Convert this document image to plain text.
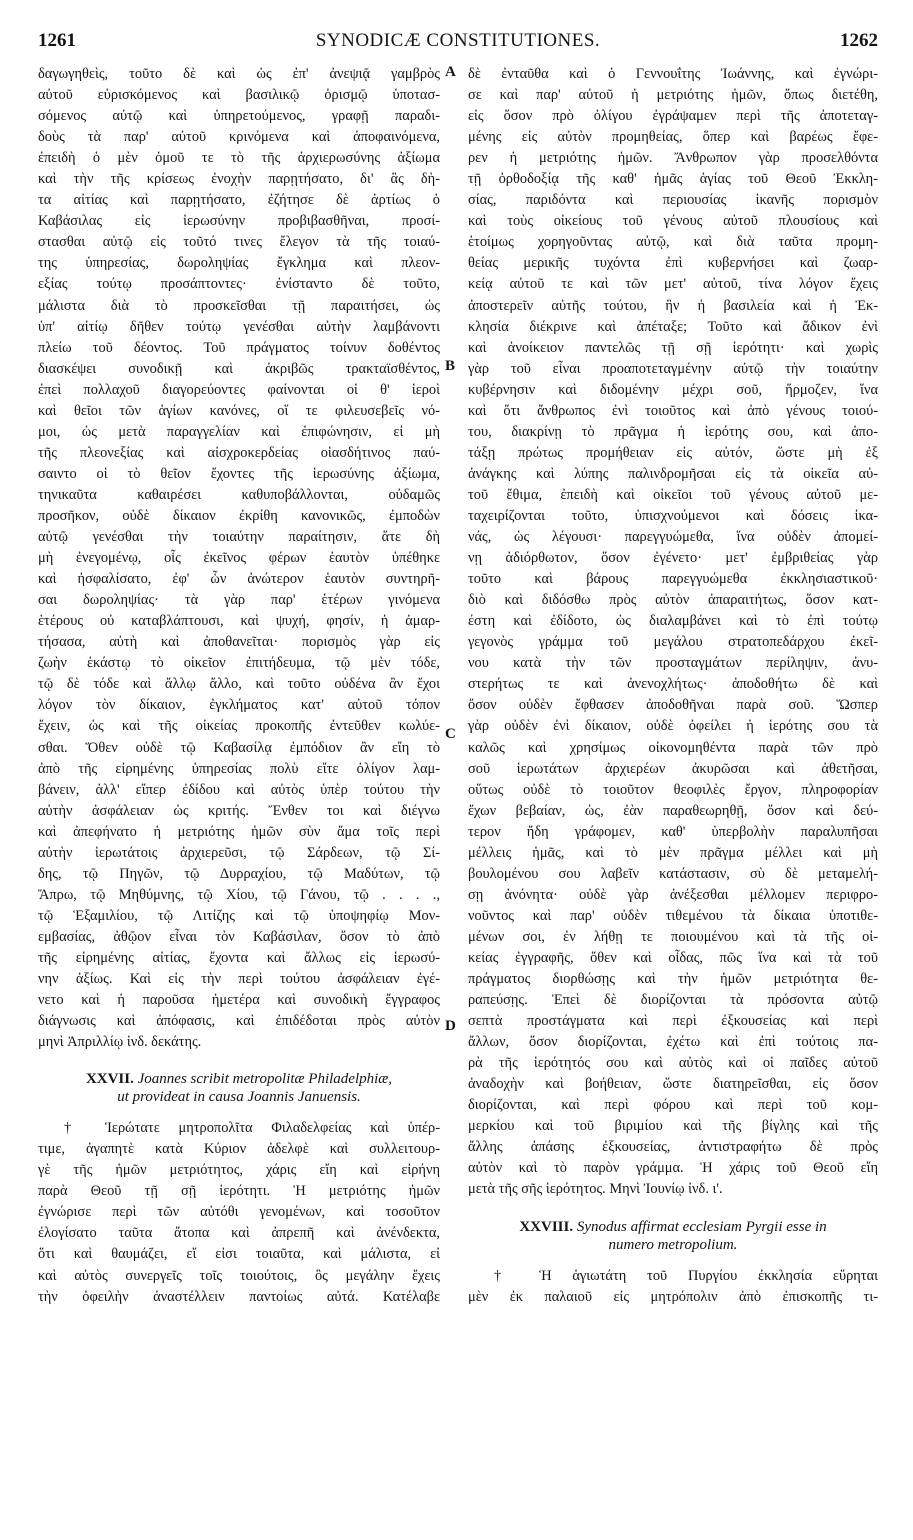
1261	SYNODICÆ CONSTITUTIONES.	1262
A
B
C
D
δαγωγηθεὶς, τοῦτο δὲ καὶ ὡς ἐπ' ἀνεψιᾷ γαμβρὸς
αὐτοῦ εὑρισκόμενος καὶ βασιλικῷ ὁρισμῷ ὑποτασ-
σόμενος αὐτῷ καὶ ὑπηρετούμενος, γραφῇ παραδι-
δοὺς τὰ παρ' αὐτοῦ κρινόμενα καὶ ἀποφαινόμενα,
ἐπειδὴ ὁ μὲν ὁμοῦ τε τὸ τῆς ἀρχιερωσύνης ἀξίωμα
καὶ τὴν τῆς κρίσεως ἐνοχὴν παρῃτήσατο, δι' ἃς δὴ-
τα αἰτίας καὶ παρῃτήσατο, ἐζήτησε δὲ ἀρτίως ὁ
Καβάσιλας εἰς ἱερωσύνην προβιβασθῆναι, προσί-
στασθαι αὐτῷ εἰς τοῦτό τινες ἔλεγον τὰ τῆς τοιαύ-
της ὑπηρεσίας, δωροληψίας ἔγκλημα καὶ πλεον-
εξίας τούτῳ προσάπτοντες· ἐνίσταντο δὲ τοῦτο,
μάλιστα διὰ τὸ προσκεῖσθαι τῇ παραιτήσει, ὡς
ὑπ' αἰτίῳ δῆθεν τούτῳ γενέσθαι αὐτὴν λαμβάνοντι
πλείω τοῦ δέοντος. Τοῦ πράγματος τοίνυν δοθέντος
διασκέψει συνοδικῇ καὶ ἀκριβῶς τρακταϊσθέντος,
ἐπεὶ πολλαχοῦ διαγορεύοντες φαίνονται οἱ θ' ἱεροὶ
καὶ θεῖοι τῶν ἁγίων κανόνες, οἵ τε φιλευσεβεῖς νό-
μοι, ὡς μετὰ παραγγελίαν καὶ ἐπιφώνησιν, εἰ μὴ
τῆς πλεονεξίας καὶ αἰσχροκερδείας οἱασδήτινος παύ-
σαιντο οἱ τὸ θεῖον ἔχοντες τῆς ἱερωσύνης ἀξίωμα,
τηνικαῦτα καθαιρέσει καθυποβάλλονται, οὐδαμῶς
προσῆκον, οὐδὲ δίκαιον ἐκρίθη κανονικῶς, ἐμποδὼν
αὐτῷ γενέσθαι τὴν τοιαύτην παραίτησιν, ἅτε δὴ
μὴ ἐνεγομένῳ, οἷς ἐκεῖνος φέρων ἑαυτὸν ὑπέθηκε
καὶ ἠσφαλίσατο, ἐφ' ὧν ἀνώτερον ἑαυτὸν συντηρῆ-
σαι δωροληψίας· τὰ γὰρ παρ' ἑτέρων γινόμενα
ἑτέρους οὐ καταβλάπτουσι, καὶ ψυχή, φησίν, ἡ ἁμαρ-
τήσασα, αὐτὴ καὶ ἀποθανεῖται· πορισμὸς γὰρ εἰς
ζωὴν ἑκάστῳ τὸ οἰκεῖον ἐπιτήδευμα, τῷ μὲν τόδε,
τῷ δὲ τόδε καὶ ἄλλῳ ἄλλο, καὶ τοῦτο οὐδένα ἂν ἔχοι
λόγον τὸν δίκαιον, ἐγκλήματος κατ' αὐτοῦ τόπον
ἔχειν, ὡς καὶ τῆς οἰκείας προκοπῆς ἐντεῦθεν κωλύε-
σθαι. Ὅθεν οὐδὲ τῷ Καβασίλᾳ ἐμπόδιον ἂν εἴη τὸ
ἀπὸ τῆς εἰρημένης ὑπηρεσίας πολὺ εἴτε ὀλίγον λαμ-
βάνειν, ἀλλ' εἴπερ ἐδίδου καὶ αὐτὸς ὑπὲρ τούτου τὴν
αὐτὴν ἀσφάλειαν ὡς κριτής. Ἔνθεν τοι καὶ διέγνω
καὶ ἀπεφήνατο ἡ μετριότης ἡμῶν σὺν ἅμα τοῖς περὶ
αὐτὴν ἱερωτάτοις ἀρχιερεῦσι, τῷ Σάρδεων, τῷ Σί-
δης, τῷ Πηγῶν, τῷ Δυρραχίου, τῷ Μαδύτων, τῷ
Ἄπρω, τῷ Μηθύμνης, τῷ Χίου, τῷ Γάνου, τῷ . . . .,
τῷ Ἑξαμιλίου, τῷ Λιτίζης καὶ τῷ ὑποψηφίῳ Μον-
εμβασίας, ἀθῷον εἶναι τὸν Καβάσιλαν, ὅσον τὸ ἀπὸ
τῆς εἰρημένης αἰτίας, ἔχοντα καὶ ἄλλως εἰς ἱερωσύ-
νην ἀξίως. Καὶ εἰς τὴν περὶ τούτου ἀσφάλειαν ἐγέ-
νετο καὶ ἡ παροῦσα ἡμετέρα καὶ συνοδικὴ ἔγγραφος
διάγνωσις καὶ ἀπόφασις, καὶ ἐπιδέδοται πρὸς αὐτὸν
μηνὶ Ἀπριλλίῳ ἰνδ. δεκάτης.
XXVII. Joannes scribit metropolitæ Philadelphiæ,
ut provideat in causa Joannis Januensis.
† Ἱερώτατε μητροπολῖτα Φιλαδελφείας καὶ ὑπέρ-
τιμε, ἀγαπητὲ κατὰ Κύριον ἀδελφὲ καὶ συλλειτουρ-
γὲ τῆς ἡμῶν μετριότητος, χάρις εἴη καὶ εἰρήνη
παρὰ Θεοῦ τῇ σῇ ἱερότητι. Ἡ μετριότης ἡμῶν
ἐγνώρισε περὶ τῶν αὐτόθι γενομένων, καὶ τοσοῦτον
ἐλογίσατο ταῦτα ἄτοπα καὶ ἀπρεπῆ καὶ ἀνένδεκτα,
ὅτι καὶ θαυμάζει, εἴ εἰσι τοιαῦτα, καὶ μάλιστα, εἰ
καὶ αὐτὸς συνεργεῖς τοῖς τοιούτοις, ὃς μεγάλην ἔχεις
τὴν ὀφειλὴν ἀναστέλλειν παντοίως αὐτά. Κατέλαβε
δὲ ἐνταῦθα καὶ ὁ Γεννουΐτης Ἰωάννης, καὶ ἐγνώρι-
σε καὶ παρ' αὐτοῦ ἡ μετριότης ἡμῶν, ὅπως διετέθη,
εἰς ὅσον πρὸ ὀλίγου ἐγράψαμεν περὶ τῆς ἀποτεταγ-
μένης εἰς αὐτὸν προμηθείας, ὅπερ καὶ βαρέως ἔφε-
ρεν ἡ μετριότης ἡμῶν. Ἄνθρωπον γὰρ προσελθόντα
τῇ ὀρθοδοξίᾳ τῆς καθ' ἡμᾶς ἁγίας τοῦ Θεοῦ Ἐκκλη-
σίας, παριδόντα καὶ περιουσίας ἱκανῆς πορισμὸν
καὶ τοὺς οἰκείους τοῦ γένους αὐτοῦ πλουσίους καὶ
ἑτοίμως χορηγοῦντας αὐτῷ, καὶ διὰ ταῦτα προμη-
θείας μερικῆς τυχόντα ἐπὶ κυβερνήσει καὶ ζωαρ-
κείᾳ αὐτοῦ τε καὶ τῶν μετ' αὐτοῦ, τίνα λόγον ἔχεις
ἀποστερεῖν αὐτῆς τούτου, ἣν ἡ βασιλεία καὶ ἡ Ἐκ-
κλησία διέκρινε καὶ ἀπέταξε; Τοῦτο καὶ ἄδικον ἐνὶ
καὶ ἀνοίκειον παντελῶς τῇ σῇ ἱερότητι· καὶ χωρὶς
γὰρ τοῦ εἶναι προαποτεταγμένην αὐτῷ τὴν τοιαύτην
κυβέρνησιν καὶ διδομένην μέχρι σοῦ, ἥρμοζεν, ἵνα
καὶ ὅτι ἄνθρωπος ἐνὶ τοιοῦτος καὶ ἀπὸ γένους τοιού-
του, διακρίνῃ τὸ πρᾶγμα ἡ ἱερότης σου, καὶ ἀπο-
τάξῃ πρώτως προμήθειαν εἰς αὐτόν, ὥστε μὴ ἐξ
ἀνάγκης καὶ λύπης παλινδρομῆσαι εἰς τὰ οἰκεῖα αὐ-
τοῦ ἔθιμα, ἐπειδὴ καὶ οἰκεῖοι τοῦ γένους αὐτοῦ με-
ταχειρίζονται τοῦτο, ὑπισχνούμενοι καὶ δόσεις ἱκα-
νάς, ὡς λέγουσι· παρεγγυώμεθα, ἵνα οὐδὲν ἀπομεί-
νῃ ἀδιόρθωτον, ὅσον ἐγένετο· μετ' ἐμβριθείας γὰρ
τοῦτο καὶ βάρους παρεγγυώμεθα ἐκκλησιαστικοῦ·
διὸ καὶ διδόσθω πρὸς αὐτὸν ἀπαραιτήτως, ὅσον κατ-
έστη καὶ ἐδίδοτο, ὡς διαλαμβάνει καὶ τὸ ἐπὶ τούτῳ
γεγονὸς γράμμα τοῦ μεγάλου στρατοπεδάρχου ἐκεῖ-
νου κατὰ τὴν τῶν προσταγμάτων περίληψιν, ἀνυ-
στερήτως τε καὶ ἀνενοχλήτως· ἀποδοθήτω δὲ καὶ
ὅσον οὐδὲν ἔφθασεν ἀποδοθῆναι παρὰ σοῦ. Ὥσπερ
γὰρ οὐδὲν ἐνὶ δίκαιον, οὐδὲ ὀφείλει ἡ ἱερότης σου τὰ
καλῶς καὶ χρησίμως οἰκονομηθέντα παρὰ τῶν πρὸ
σοῦ ἱερωτάτων ἀρχιερέων ἀκυρῶσαι καὶ ἀθετῆσαι,
οὕτως οὐδὲ τὸ τοιοῦτον θεοφιλὲς ἔργον, πληροφορίαν
ἔχων βεβαίαν, ὡς, ἐὰν παραθεωρηθῇ, ὅσον καὶ δεύ-
τερον ἤδη γράφομεν, καθ' ὑπερβολὴν παραλυπῆσαι
μέλλεις ἡμᾶς, καὶ τὸ μὲν πρᾶγμα μέλλει καὶ μὴ
βουλομένου σου λαβεῖν κατάστασιν, σὺ δὲ μεταμελή-
σῃ ἀνόνητα· οὐδὲ γὰρ ἀνέξεσθαι μέλλομεν περιφρο-
νοῦντος καὶ παρ' οὐδὲν τιθεμένου τὰ δίκαια ὑποτιθε-
μένων σοι, ἐν λήθῃ τε ποιουμένου καὶ τὰ τῆς οἰ-
κείας ἐγγραφῆς, ὅθεν καὶ οἶδας, πῶς ἵνα καὶ τὰ τοῦ
πράγματος διορθώσῃς καὶ τὴν ἡμῶν μετριότητα θε-
ραπεύσῃς. Ἐπεὶ δὲ διορίζονται τὰ πρόσοντα αὐτῷ
σεπτὰ προστάγματα καὶ περὶ ἐξκουσείας καὶ περὶ
ἄλλων, ὅσον διορίζονται, ἐχέτω καὶ ἐπὶ τούτοις πα-
ρὰ τῆς ἱερότητός σου καὶ αὐτὸς καὶ οἱ παῖδες αὐτοῦ
ἀναδοχὴν καὶ βοήθειαν, ὥστε διατηρεῖσθαι, εἰς ὅσον
διορίζονται, καὶ περὶ φόρου καὶ περὶ τοῦ κομ-
μερκίου καὶ τοῦ βιριμίου καὶ τῆς βίγλης καὶ τῆς
ἄλλης ἁπάσης ἐξκουσείας, ἀντιστραφήτω δὲ πρὸς
αὐτὸν καὶ τὸ παρὸν γράμμα. Ἡ χάρις τοῦ Θεοῦ εἴη
μετὰ τῆς σῆς ἱερότητος. Μηνὶ Ἰουνίῳ ἰνδ. ι'.
XXVIII. Synodus affirmat ecclesiam Pyrgii esse in
numero metropolium.
† Ἡ ἁγιωτάτη τοῦ Πυργίου ἐκκλησία εὕρηται
μὲν ἐκ παλαιοῦ εἰς μητρόπολιν ἀπὸ ἐπισκοπῆς τι-
